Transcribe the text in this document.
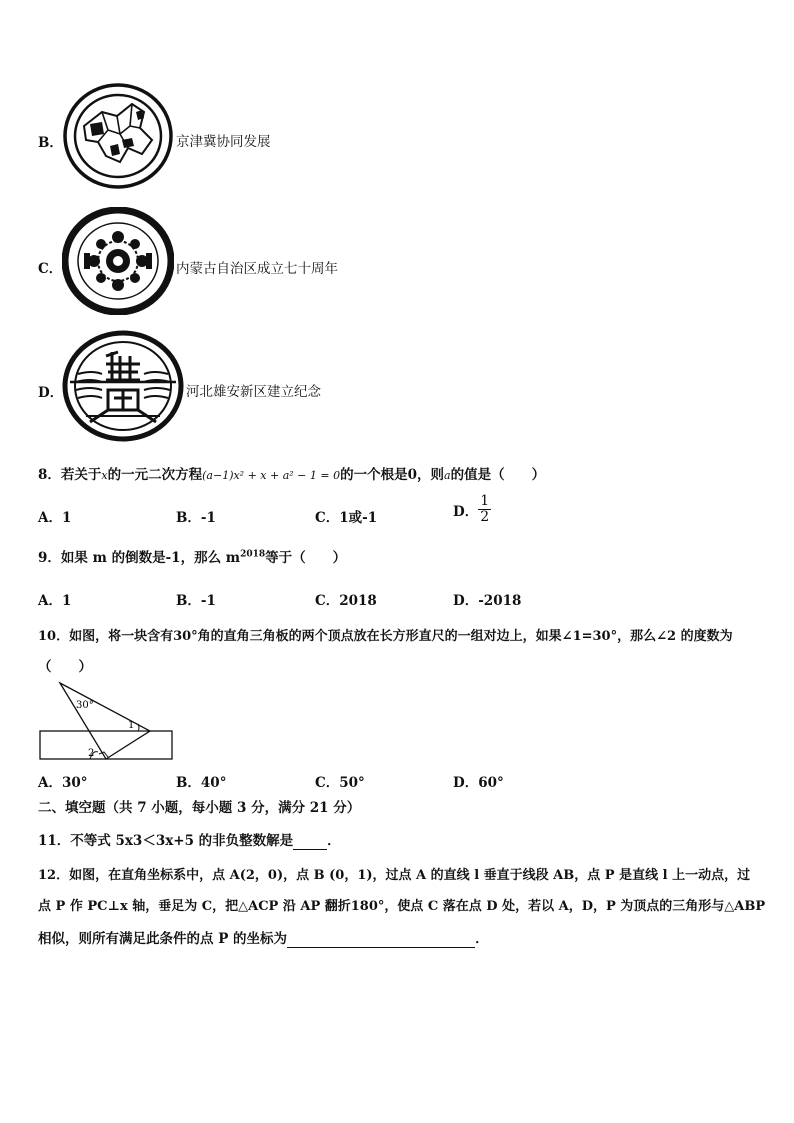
B．	京津冀协同发展
C．	内蒙古自治区成立七十周年
D．	河北雄安新区建立纪念
8．若关于x的一元二次方程(a−1)x² + x + a² − 1 = 0的一个根是0，则a的值是（　　）
A．1	B．-1	C．1或-1	D． $\frac{1}{2}$
9．如果 m 的倒数是-1，那么 $m^{2018}$等于（　　）
A．1	B．-1	C．2018	D．-2018
10．如图，将一块含有30°角的直角三角板的两个顶点放在长方形直尺的一组对边上，如果∠1=30°，那么∠2 的度数为
（　　）
30°
1
2
A．30°	B．40°	C．50°	D．60°
二、填空题（共 7 小题，每小题 3 分，满分 21 分）
11．不等式 5x3＜3x+5 的非负整数解是	．
12．如图，在直角坐标系中，点 A(2，0)，点 B (0，1)，过点 A 的直线 l 垂直于线段 AB，点 P 是直线 l 上一动点，过
点 P 作 PC⊥x 轴，垂足为 C，把△ACP 沿 AP 翻折180°，使点 C 落在点 D 处，若以 A，D，P 为顶点的三角形与△ABP
相似，则所有满足此条件的点 P 的坐标为	．
